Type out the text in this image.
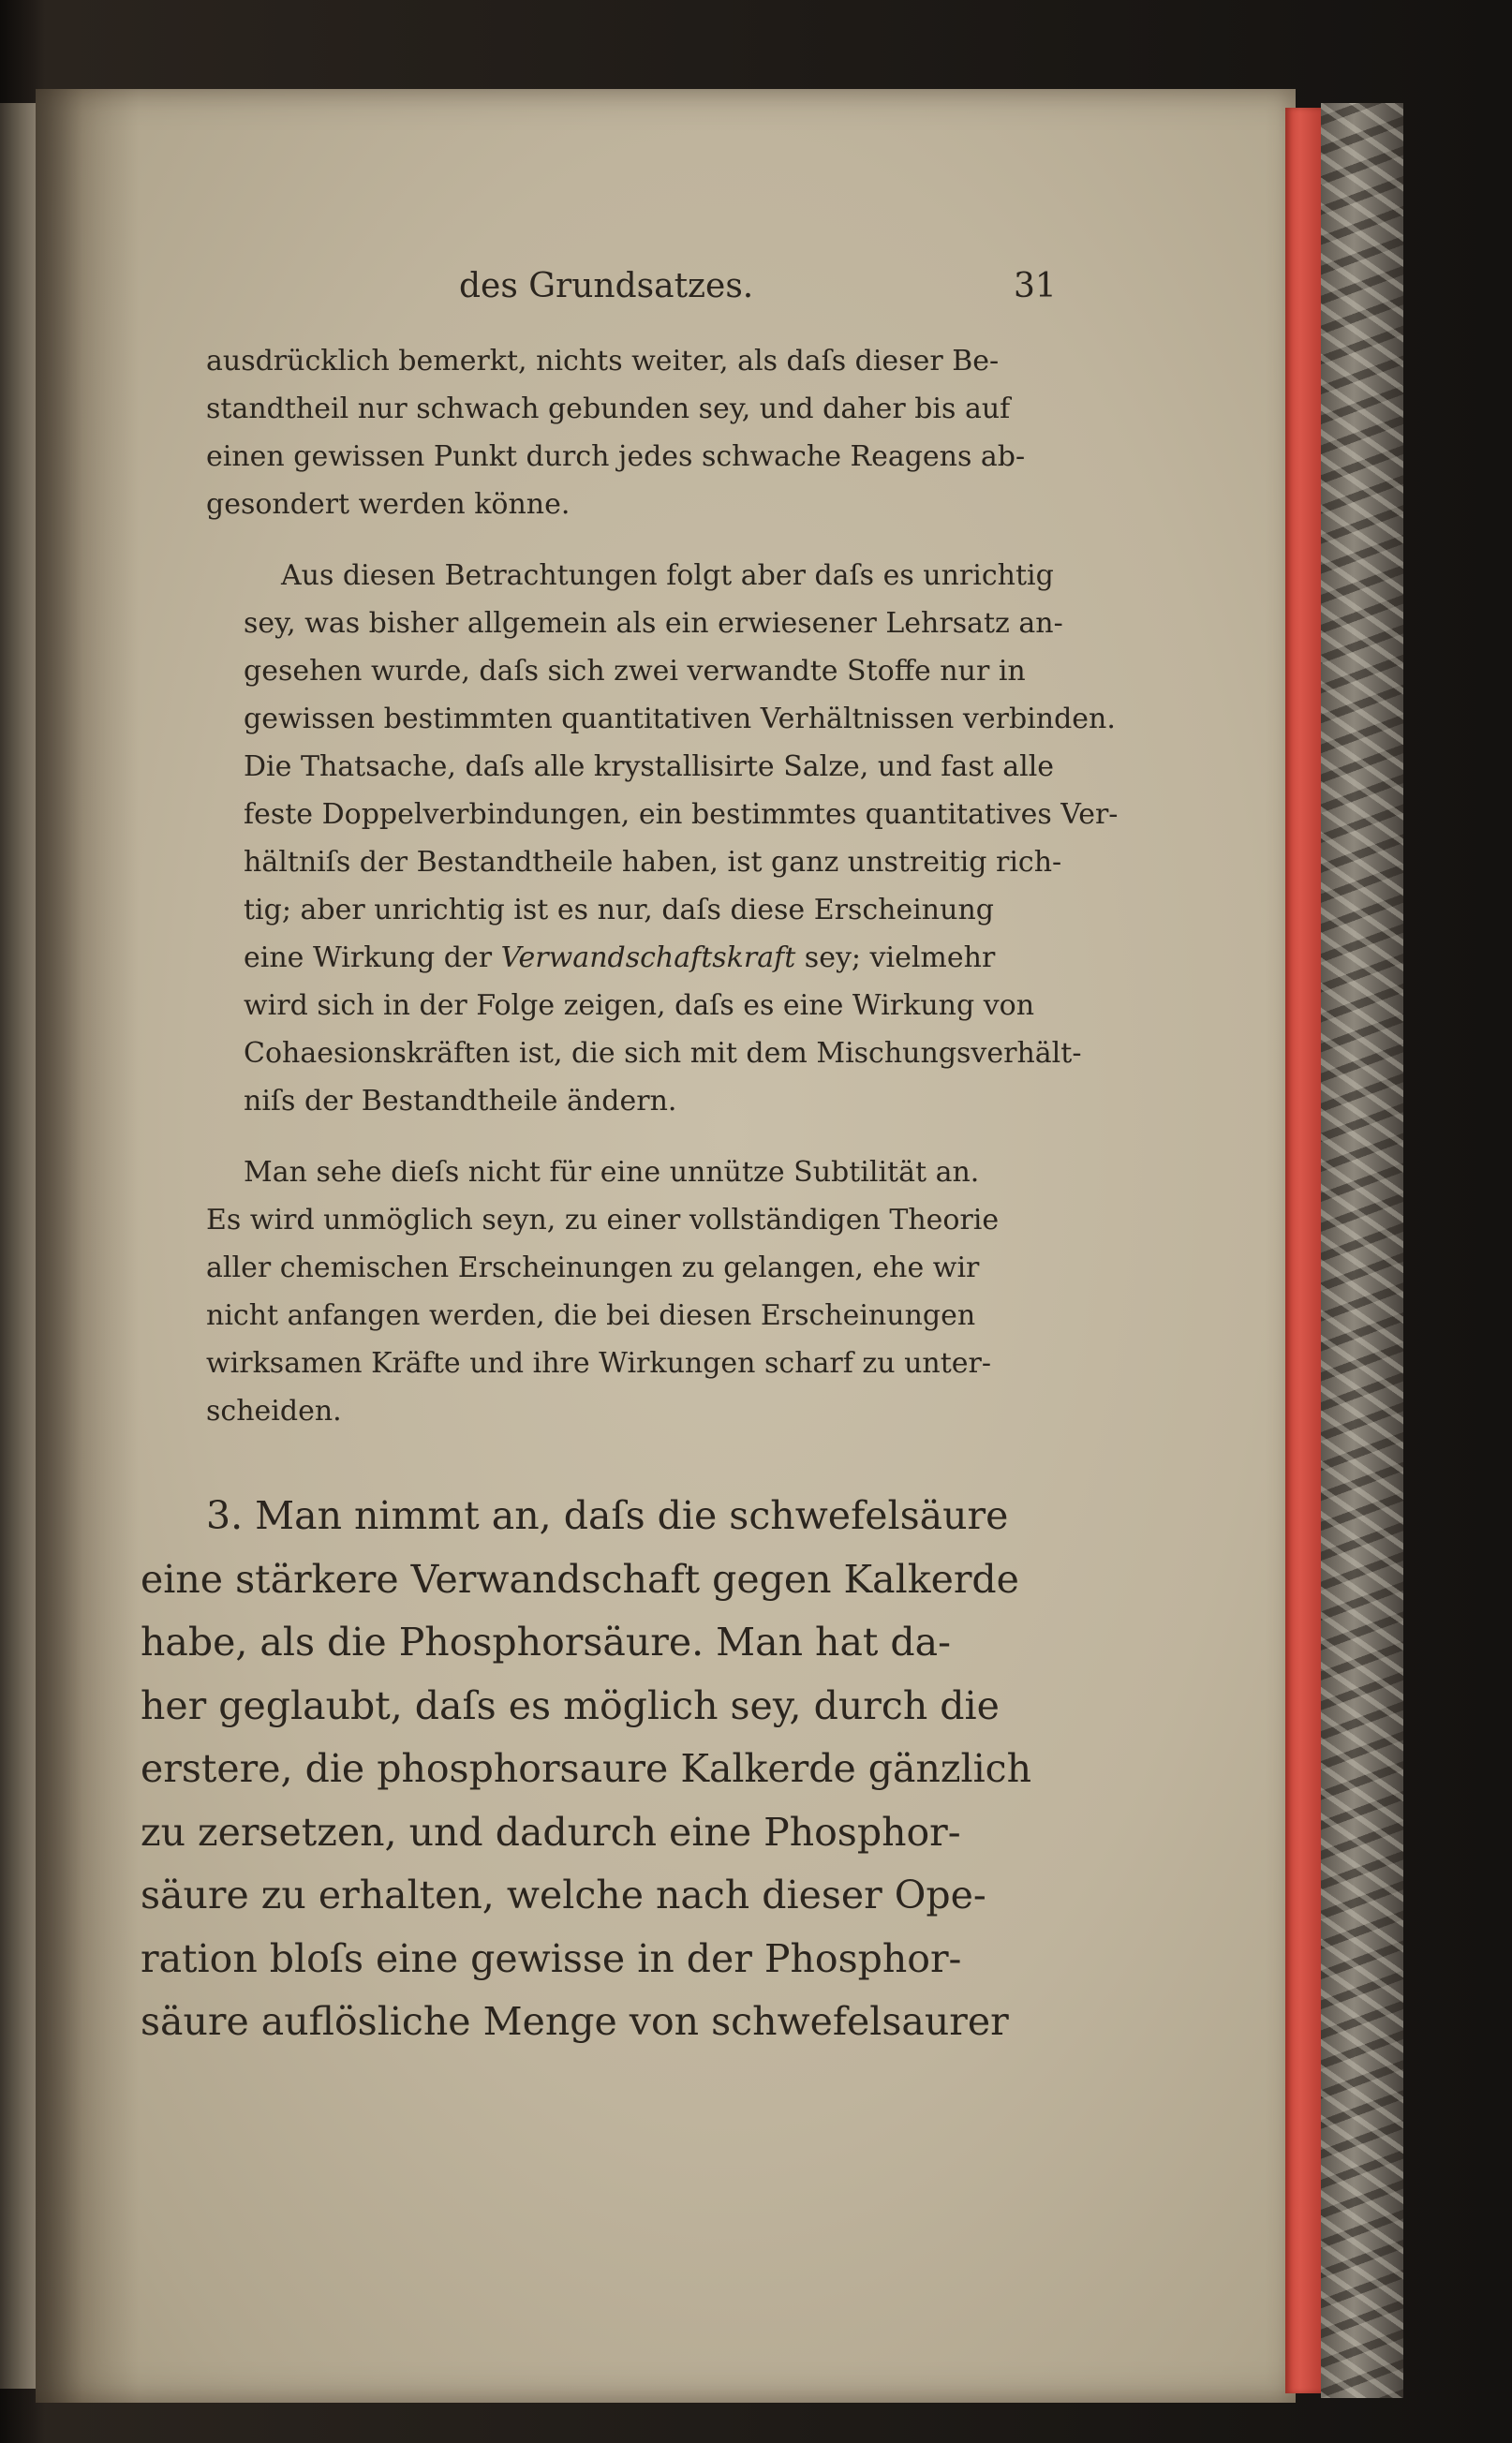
des Grundsatzes.	31

ausdrücklich bemerkt, nichts weiter, als daſs dieser Be-
standtheil nur schwach gebunden sey, und daher bis auf
einen gewissen Punkt durch jedes schwache Reagens ab-
gesondert werden könne.

Aus diesen Betrachtungen folgt aber daſs es unrichtig
sey, was bisher allgemein als ein erwiesener Lehrsatz an-
gesehen wurde, daſs sich zwei verwandte Stoffe nur in
gewissen bestimmten quantitativen Verhältnissen verbinden.
Die Thatsache, daſs alle krystallisirte Salze, und fast alle
feste Doppelverbindungen, ein bestimmtes quantitatives Ver-
hältniſs der Bestandtheile haben, ist ganz unstreitig rich-
tig; aber unrichtig ist es nur, daſs diese Erscheinung
eine Wirkung der Verwandschaftskraft sey; vielmehr
wird sich in der Folge zeigen, daſs es eine Wirkung von
Cohaesionskräften ist, die sich mit dem Mischungsverhält-
niſs der Bestandtheile ändern.

Man sehe dieſs nicht für eine unnütze Subtilität an.
Es wird unmöglich seyn, zu einer vollständigen Theorie
aller chemischen Erscheinungen zu gelangen, ehe wir
nicht anfangen werden, die bei diesen Erscheinungen
wirksamen Kräfte und ihre Wirkungen scharf zu unter-
scheiden.

3. Man nimmt an, daſs die schwefelsäure
eine stärkere Verwandschaft gegen Kalkerde
habe, als die Phosphorsäure. Man hat da-
her geglaubt, daſs es möglich sey, durch die
erstere, die phosphorsaure Kalkerde gänzlich
zu zersetzen, und dadurch eine Phosphor-
säure zu erhalten, welche nach dieser Ope-
ration bloſs eine gewisse in der Phosphor-
säure auflösliche Menge von schwefelsaurer
